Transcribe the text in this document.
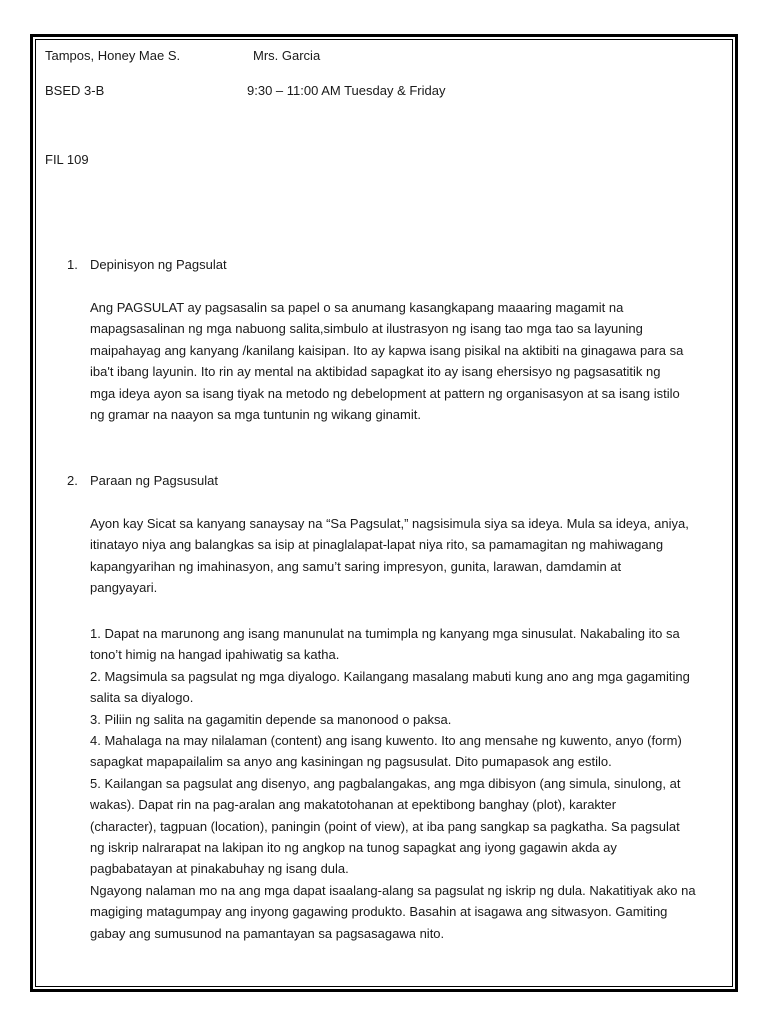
Tampos, Honey Mae S.	Mrs. Garcia
BSED 3-B	9:30 – 11:00 AM Tuesday & Friday
FIL 109
1. Depinisyon ng Pagsulat
Ang PAGSULAT ay pagsasalin sa papel o sa anumang kasangkapang maaaring magamit na
mapagsasalinan ng mga nabuong salita,simbulo at ilustrasyon ng isang tao mga tao sa layuning
maipahayag ang kanyang /kanilang kaisipan. Ito ay kapwa isang pisikal na aktibiti na ginagawa para sa
iba't ibang layunin. Ito rin ay mental na aktibidad sapagkat ito ay isang ehersisyo ng pagsasatitik ng
mga ideya ayon sa isang tiyak na metodo ng debelopment at pattern ng organisasyon at sa isang istilo
ng gramar na naayon sa mga tuntunin ng wikang ginamit.
2. Paraan ng Pagsusulat
Ayon kay Sicat sa kanyang sanaysay na “Sa Pagsulat,” nagsisimula siya sa ideya. Mula sa ideya, aniya,
itinatayo niya ang balangkas sa isip at pinaglalapat-lapat niya rito, sa pamamagitan ng mahiwagang
kapangyarihan ng imahinasyon, ang samu’t saring impresyon, gunita, larawan, damdamin at
pangyayari.
1. Dapat na marunong ang isang manunulat na tumimpla ng kanyang mga sinusulat. Nakabaling ito sa
tono’t himig na hangad ipahiwatig sa katha.
2. Magsimula sa pagsulat ng mga diyalogo. Kailangang masalang mabuti kung ano ang mga gagamiting
salita sa diyalogo.
3. Piliin ng salita na gagamitin depende sa manonood o paksa.
4. Mahalaga na may nilalaman (content) ang isang kuwento. Ito ang mensahe ng kuwento, anyo (form)
sapagkat mapapailalim sa anyo ang kasiningan ng pagsusulat. Dito pumapasok ang estilo.
5. Kailangan sa pagsulat ang disenyo, ang pagbalangakas, ang mga dibisyon (ang simula, sinulong, at
wakas). Dapat rin na pag-aralan ang makatotohanan at epektibong banghay (plot), karakter
(character), tagpuan (location), paningin (point of view), at iba pang sangkap sa pagkatha. Sa pagsulat
ng iskrip nalrarapat na lakipan ito ng angkop na tunog sapagkat ang iyong gagawin akda ay
pagbabatayan at pinakabuhay ng isang dula.
Ngayong nalaman mo na ang mga dapat isaalang-alang sa pagsulat ng iskrip ng dula. Nakatitiyak ako na
magiging matagumpay ang inyong gagawing produkto. Basahin at isagawa ang sitwasyon. Gamiting
gabay ang sumusunod na pamantayan sa pagsasagawa nito.
